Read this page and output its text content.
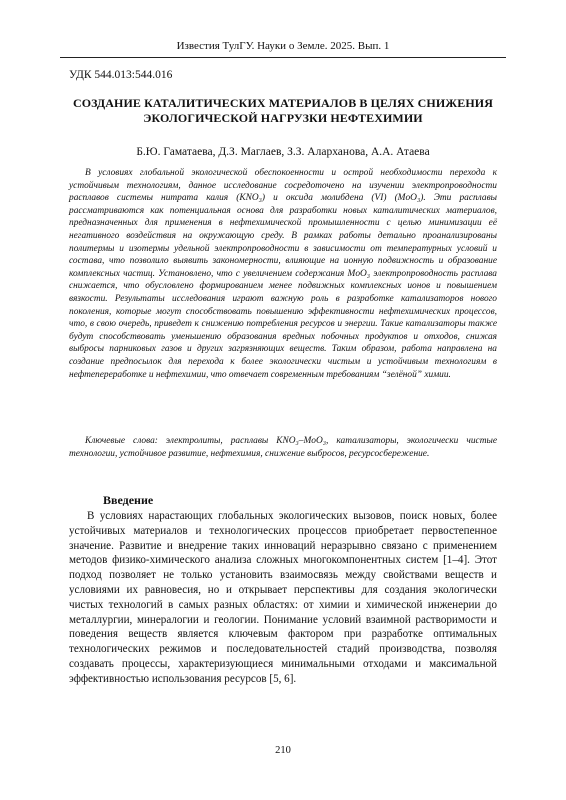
Известия ТулГУ. Науки о Земле. 2025. Вып. 1
УДК 544.013:544.016
СОЗДАНИЕ КАТАЛИТИЧЕСКИХ МАТЕРИАЛОВ В ЦЕЛЯХ СНИЖЕНИЯ ЭКОЛОГИЧЕСКОЙ НАГРУЗКИ НЕФТЕХИМИИ
Б.Ю. Гаматаева, Д.З. Маглаев, З.З. Аларханова, А.А. Атаева

В условиях глобальной экологической обеспокоенности и острой необходимости перехода к устойчивым технологиям, данное исследование сосредоточено на изучении электропроводности расплавов системы нитрата калия (KNO₃) и оксида молибдена (VI) (MoO₃). Эти расплавы рассматриваются как потенциальная основа для разработки новых каталитических материалов, предназначенных для применения в нефтехимической промышленности с целью минимизации её негативного воздействия на окружающую среду. В рамках работы детально проанализированы политермы и изотермы удельной электропроводности в зависимости от температурных условий и состава, что позволило выявить закономерности, влияющие на ионную подвижность и образование комплексных частиц. Установлено, что с увеличением содержания MoO₃ электропроводность расплава снижается, что обусловлено формированием менее подвижных комплексных ионов и повышением вязкости. Результаты исследования играют важную роль в разработке катализаторов нового поколения, которые могут способствовать повышению эффективности нефтехимических процессов, что, в свою очередь, приведет к снижению потребления ресурсов и энергии. Такие катализаторы также будут способствовать уменьшению образования вредных побочных продуктов и отходов, снижая выбросы парниковых газов и других загрязняющих веществ. Таким образом, работа направлена на создание предпосылок для перехода к более экологически чистым и устойчивым технологиям в нефтепереработке и нефтехимии, что отвечает современным требованиям “зелёной” химии.

Ключевые слова: электролиты, расплавы KNO₃–MoO₃, катализаторы, экологически чистые технологии, устойчивое развитие, нефтехимия, снижение выбросов, ресурсосбережение.

Введение

В условиях нарастающих глобальных экологических вызовов, поиск новых, более устойчивых материалов и технологических процессов приобретает первостепенное значение. Развитие и внедрение таких инноваций неразрывно связано с применением методов физико-химического анализа сложных многокомпонентных систем [1–4]. Этот подход позволяет не только установить взаимосвязь между свойствами веществ и условиями их равновесия, но и открывает перспективы для создания экологически чистых технологий в самых разных областях: от химии и химической инженерии до металлургии, минералогии и геологии. Понимание условий взаимной растворимости и поведения веществ является ключевым фактором при разработке оптимальных технологических режимов и последовательностей стадий производства, позволяя создавать процессы, характеризующиеся минимальными отходами и максимальной эффективностью использования ресурсов [5, 6].

210
